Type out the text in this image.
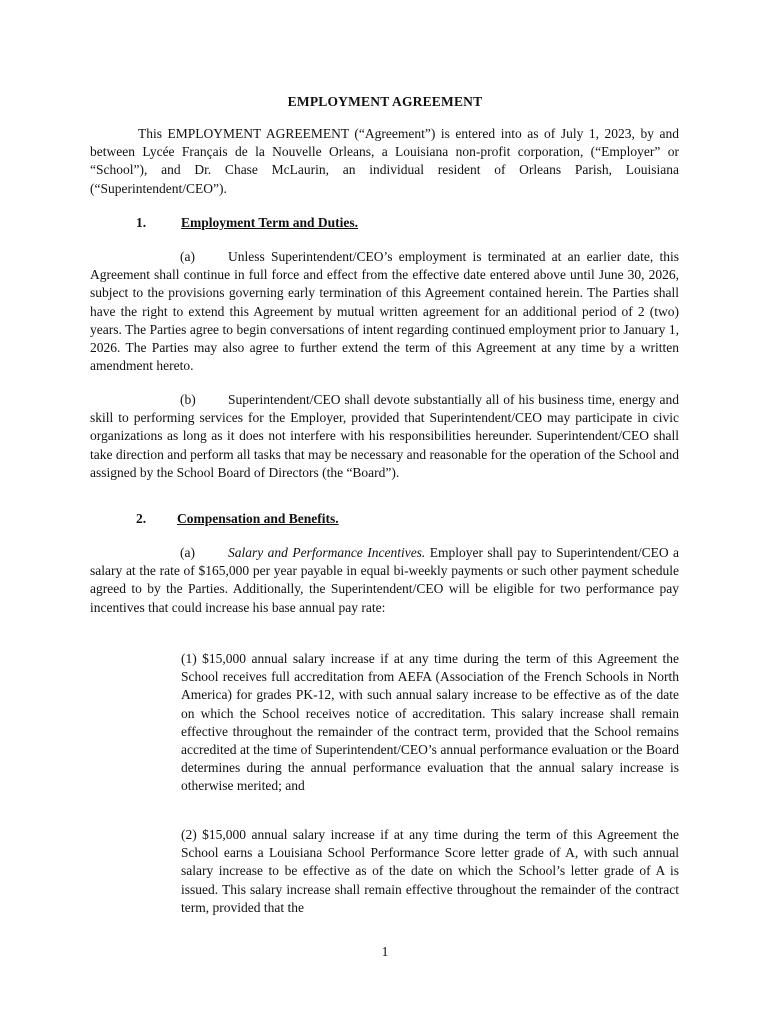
EMPLOYMENT AGREEMENT

This EMPLOYMENT AGREEMENT (“Agreement”) is entered into as of July 1, 2023, by and between Lycée Français de la Nouvelle Orleans, a Louisiana non-profit corporation, (“Employer” or “School”), and Dr. Chase McLaurin, an individual resident of Orleans Parish, Louisiana (“Superintendent/CEO”).

1.	Employment Term and Duties.

(a) Unless Superintendent/CEO’s employment is terminated at an earlier date, this Agreement shall continue in full force and effect from the effective date entered above until June 30, 2026, subject to the provisions governing early termination of this Agreement contained herein. The Parties shall have the right to extend this Agreement by mutual written agreement for an additional period of 2 (two) years. The Parties agree to begin conversations of intent regarding continued employment prior to January 1, 2026. The Parties may also agree to further extend the term of this Agreement at any time by a written amendment hereto.

(b) Superintendent/CEO shall devote substantially all of his business time, energy and skill to performing services for the Employer, provided that Superintendent/CEO may participate in civic organizations as long as it does not interfere with his responsibilities hereunder. Superintendent/CEO shall take direction and perform all tasks that may be necessary and reasonable for the operation of the School and assigned by the School Board of Directors (the “Board”).

2. Compensation and Benefits.

(a) Salary and Performance Incentives. Employer shall pay to Superintendent/CEO a salary at the rate of $165,000 per year payable in equal bi-weekly payments or such other payment schedule agreed to by the Parties. Additionally, the Superintendent/CEO will be eligible for two performance pay incentives that could increase his base annual pay rate:

(1) $15,000 annual salary increase if at any time during the term of this Agreement the School receives full accreditation from AEFA (Association of the French Schools in North America) for grades PK-12, with such annual salary increase to be effective as of the date on which the School receives notice of accreditation. This salary increase shall remain effective throughout the remainder of the contract term, provided that the School remains accredited at the time of Superintendent/CEO’s annual performance evaluation or the Board determines during the annual performance evaluation that the annual salary increase is otherwise merited; and

(2) $15,000 annual salary increase if at any time during the term of this Agreement the School earns a Louisiana School Performance Score letter grade of A, with such annual salary increase to be effective as of the date on which the School’s letter grade of A is issued. This salary increase shall remain effective throughout the remainder of the contract term, provided that the

1
